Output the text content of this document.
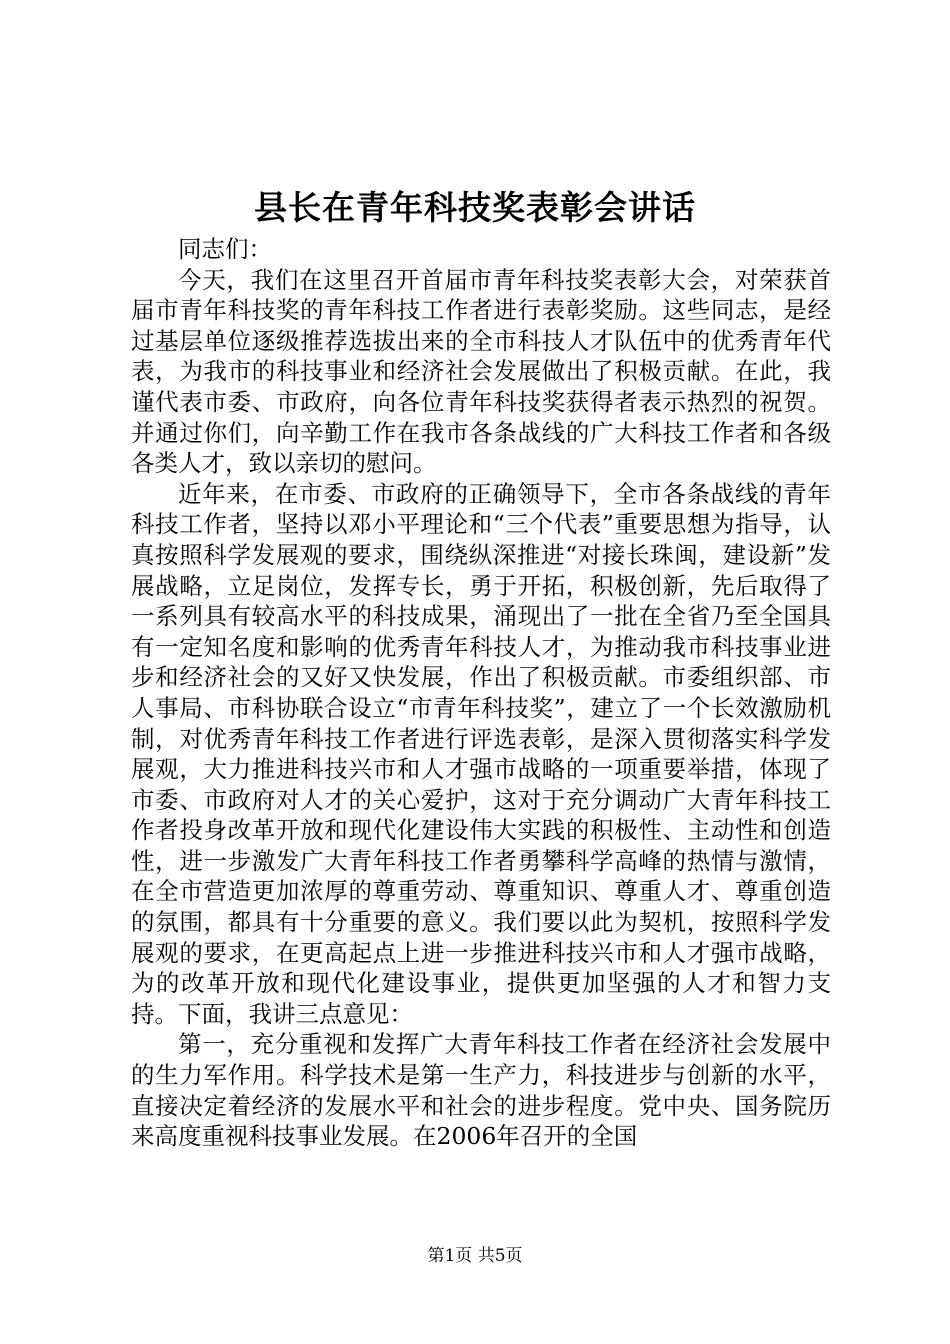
县长在青年科技奖表彰会讲话

同志们：

今天，我们在这里召开首届市青年科技奖表彰大会，对荣获首届市青年科技奖的青年科技工作者进行表彰奖励。这些同志，是经过基层单位逐级推荐选拔出来的全市科技人才队伍中的优秀青年代表，为我市的科技事业和经济社会发展做出了积极贡献。在此，我谨代表市委、市政府，向各位青年科技奖获得者表示热烈的祝贺。并通过你们，向辛勤工作在我市各条战线的广大科技工作者和各级各类人才，致以亲切的慰问。

近年来，在市委、市政府的正确领导下，全市各条战线的青年科技工作者，坚持以邓小平理论和“三个代表”重要思想为指导，认真按照科学发展观的要求，围绕纵深推进“对接长珠闽，建设新”发展战略，立足岗位，发挥专长，勇于开拓，积极创新，先后取得了一系列具有较高水平的科技成果，涌现出了一批在全省乃至全国具有一定知名度和影响的优秀青年科技人才，为推动我市科技事业进步和经济社会的又好又快发展，作出了积极贡献。市委组织部、市人事局、市科协联合设立“市青年科技奖”，建立了一个长效激励机制，对优秀青年科技工作者进行评选表彰，是深入贯彻落实科学发展观，大力推进科技兴市和人才强市战略的一项重要举措，体现了市委、市政府对人才的关心爱护，这对于充分调动广大青年科技工作者投身改革开放和现代化建设伟大实践的积极性、主动性和创造性，进一步激发广大青年科技工作者勇攀科学高峰的热情与激情，在全市营造更加浓厚的尊重劳动、尊重知识、尊重人才、尊重创造的氛围，都具有十分重要的意义。我们要以此为契机，按照科学发展观的要求，在更高起点上进一步推进科技兴市和人才强市战略，为的改革开放和现代化建设事业，提供更加坚强的人才和智力支持。下面，我讲三点意见：

第一，充分重视和发挥广大青年科技工作者在经济社会发展中的生力军作用。科学技术是第一生产力，科技进步与创新的水平，直接决定着经济的发展水平和社会的进步程度。党中央、国务院历来高度重视科技事业发展。在2006年召开的全国

第1页 共5页
